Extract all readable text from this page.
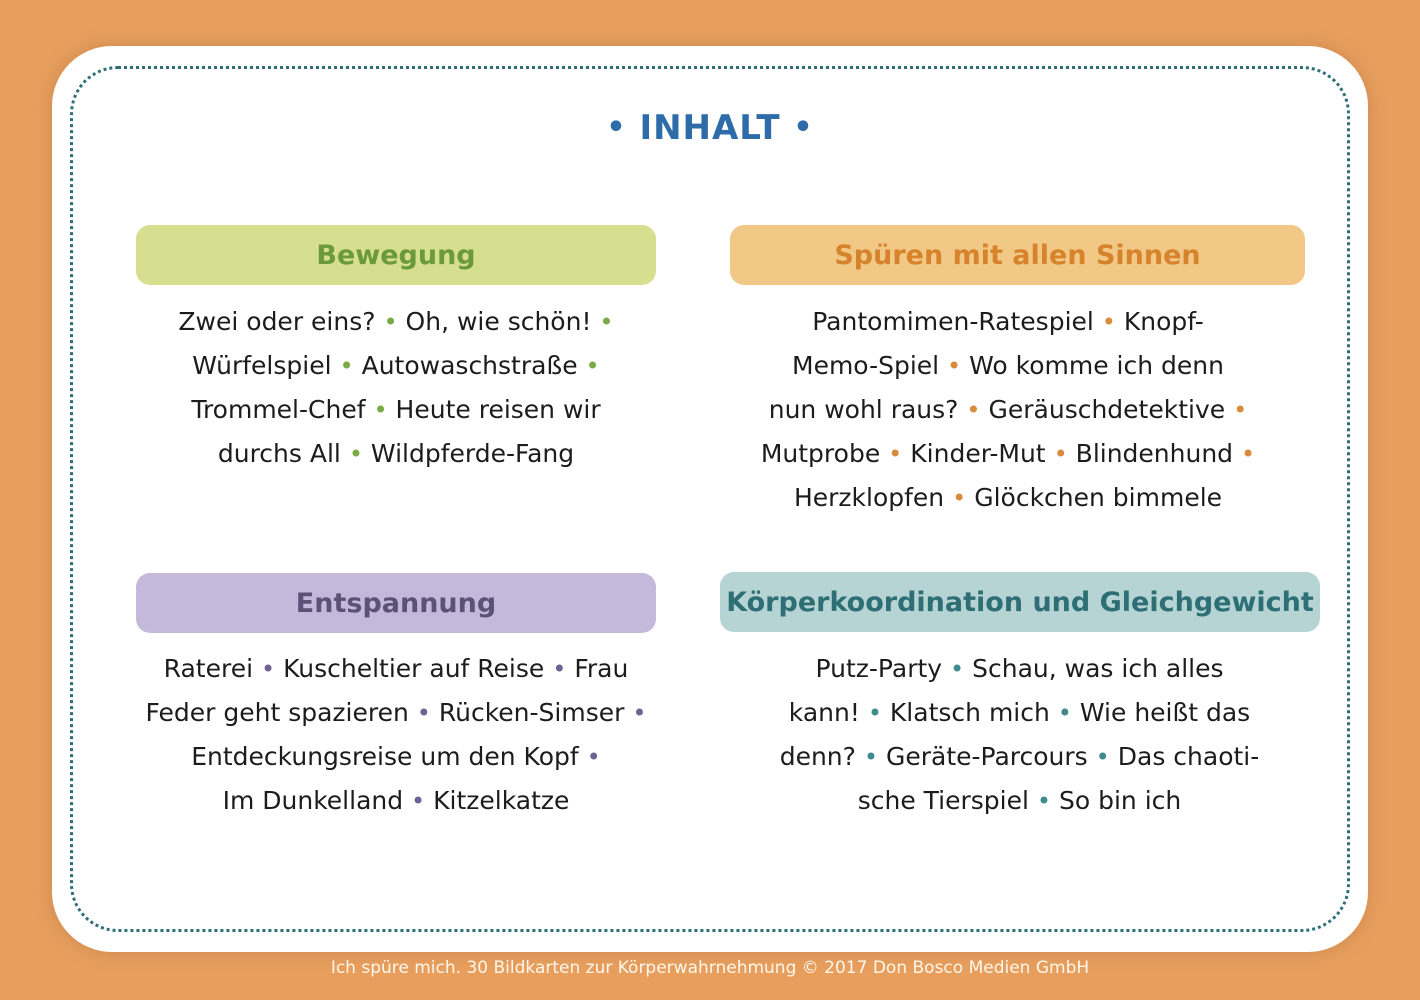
• INHALT •
Bewegung
Zwei oder eins? • Oh, wie schön! •
Würfelspiel • Autowaschstraße •
Trommel-Chef • Heute reisen wir
durchs All • Wildpferde-Fang
Spüren mit allen Sinnen
Pantomimen-Ratespiel • Knopf-
Memo-Spiel • Wo komme ich denn
nun wohl raus? • Geräuschdetektive •
Mutprobe • Kinder-Mut • Blindenhund •
Herzklopfen • Glöckchen bimmele
Entspannung
Raterei • Kuscheltier auf Reise • Frau
Feder geht spazieren • Rücken-Simser •
Entdeckungsreise um den Kopf •
Im Dunkelland • Kitzelkatze
Körperkoordination und Gleichgewicht
Putz-Party • Schau, was ich alles
kann! • Klatsch mich • Wie heißt das
denn? • Geräte-Parcours • Das chaoti-
sche Tierspiel • So bin ich
Ich spüre mich. 30 Bildkarten zur Körperwahrnehmung © 2017 Don Bosco Medien GmbH
